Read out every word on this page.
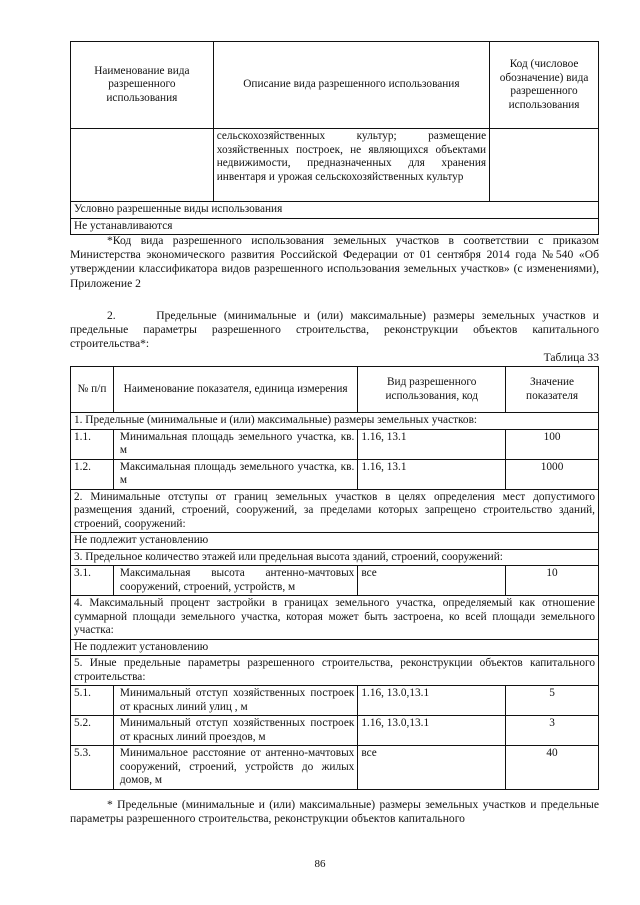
Наименование вида разрешенного использования	Описание вида разрешенного использования	Код (числовое обозначение) вида разрешенного использования
	сельскохозяйственных культур; размещение хозяйственных построек, не являющихся объектами недвижимости, предназначенных для хранения инвентаря и урожая сельскохозяйственных культур	
Условно разрешенные виды использования		
Не устанавливаются		
*Код вида разрешенного использования земельных участков в соответствии с приказом Министерства экономического развития Российской Федерации от 01 сентября 2014 года №540 «Об утверждении классификатора видов разрешенного использования земельных участков» (с изменениями), Приложение 2
2.	Предельные (минимальные и (или) максимальные) размеры земельных участков и предельные параметры разрешенного строительства, реконструкции объектов капитального строительства*:
Таблица 33
№ п/п	Наименование показателя, единица измерения	Вид разрешенного использования, код	Значение показателя
1. Предельные (минимальные и (или) максимальные) размеры земельных участков:			
1.1.	Минимальная площадь земельного участка, кв. м	1.16, 13.1	100
1.2.	Максимальная площадь земельного участка, кв. м	1.16, 13.1	1000
2. Минимальные отступы от границ земельных участков в целях определения мест допустимого размещения зданий, строений, сооружений, за пределами которых запрещено строительство зданий, строений, сооружений:			
Не подлежит установлению			
3. Предельное количество этажей или предельная высота зданий, строений, сооружений:			
3.1.	Максимальная высота антенно-мачтовых сооружений, строений, устройств, м	все	10
4. Максимальный процент застройки в границах земельного участка, определяемый как отношение суммарной площади земельного участка, которая может быть застроена, ко всей площади земельного участка:			
Не подлежит установлению			
5. Иные предельные параметры разрешенного строительства, реконструкции объектов капитального строительства:			
5.1.	Минимальный отступ хозяйственных построек от красных линий улиц , м	1.16, 13.0,13.1	5
5.2.	Минимальный отступ хозяйственных построек от красных линий проездов, м	1.16, 13.0,13.1	3
5.3.	Минимальное расстояние от антенно-мачтовых сооружений, строений, устройств до жилых домов, м	все	40
* Предельные (минимальные и (или) максимальные) размеры земельных участков и предельные параметры разрешенного строительства, реконструкции объектов капитального
86
